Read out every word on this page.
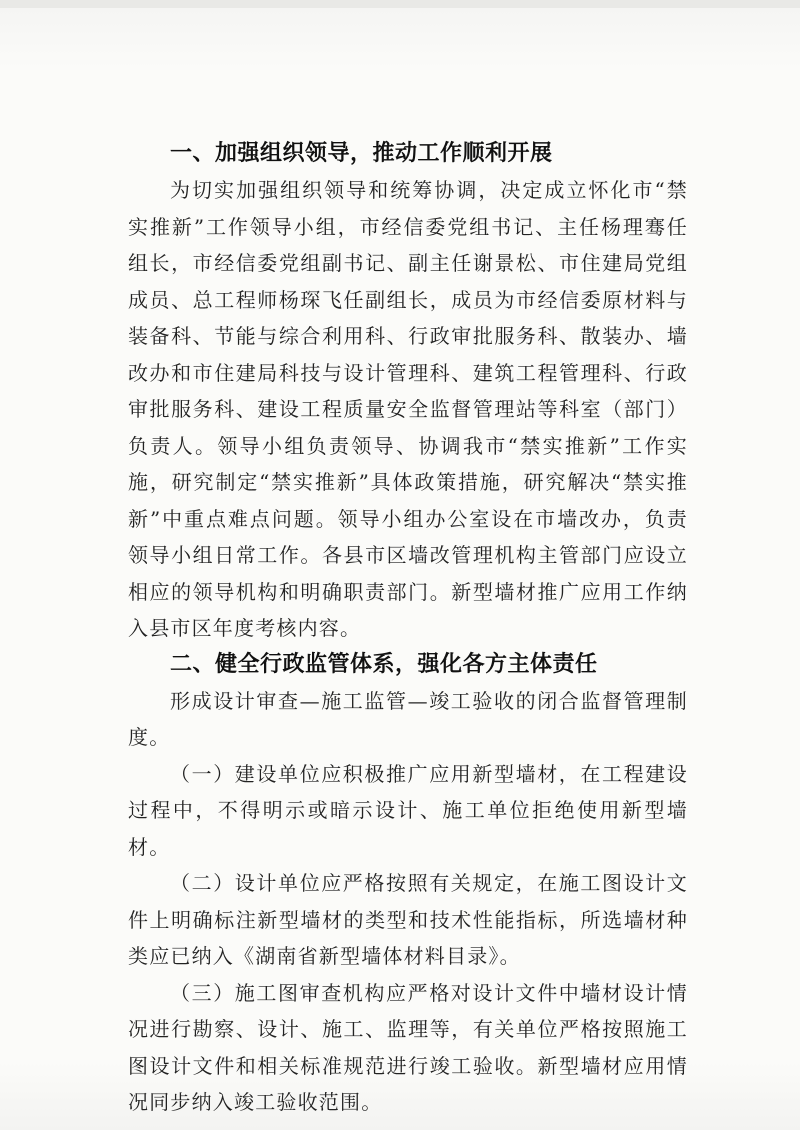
一、加强组织领导，推动工作顺利开展

为切实加强组织领导和统筹协调，决定成立怀化市“禁实推新”工作领导小组，市经信委党组书记、主任杨理骞任组长，市经信委党组副书记、副主任谢景松、市住建局党组成员、总工程师杨琛飞任副组长，成员为市经信委原材料与装备科、节能与综合利用科、行政审批服务科、散装办、墙改办和市住建局科技与设计管理科、建筑工程管理科、行政审批服务科、建设工程质量安全监督管理站等科室（部门）负责人。领导小组负责领导、协调我市“禁实推新”工作实施，研究制定“禁实推新”具体政策措施，研究解决“禁实推新”中重点难点问题。领导小组办公室设在市墙改办，负责领导小组日常工作。各县市区墙改管理机构主管部门应设立相应的领导机构和明确职责部门。新型墙材推广应用工作纳入县市区年度考核内容。

二、健全行政监管体系，强化各方主体责任

形成设计审查—施工监管—竣工验收的闭合监督管理制度。

（一）建设单位应积极推广应用新型墙材，在工程建设过程中，不得明示或暗示设计、施工单位拒绝使用新型墙材。

（二）设计单位应严格按照有关规定，在施工图设计文件上明确标注新型墙材的类型和技术性能指标，所选墙材种类应已纳入《湖南省新型墙体材料目录》。

（三）施工图审查机构应严格对设计文件中墙材设计情况进行勘察、设计、施工、监理等，有关单位严格按照施工图设计文件和相关标准规范进行竣工验收。新型墙材应用情况同步纳入竣工验收范围。
